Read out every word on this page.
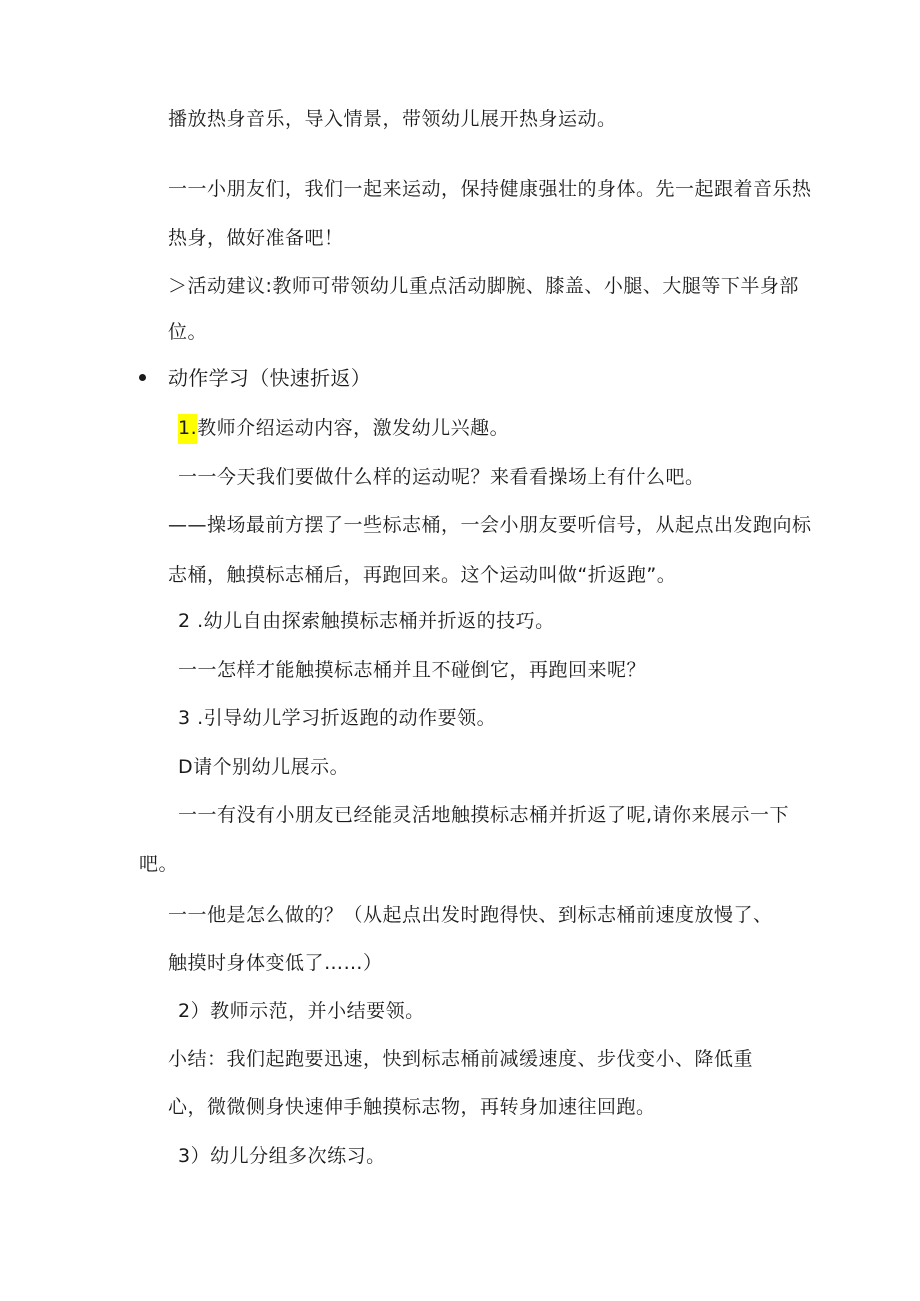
播放热身音乐，导入情景，带领幼儿展开热身运动。
一一小朋友们，我们一起来运动，保持健康强壮的身体。先一起跟着音乐热
热身，做好准备吧！
＞活动建议:教师可带领幼儿重点活动脚腕、膝盖、小腿、大腿等下半身部
位。
动作学习（快速折返）
1.教师介绍运动内容，激发幼儿兴趣。
一一今天我们要做什么样的运动呢？来看看操场上有什么吧。
——操场最前方摆了一些标志桶，一会小朋友要听信号，从起点出发跑向标
志桶，触摸标志桶后，再跑回来。这个运动叫做“折返跑”。
2 .幼儿自由探索触摸标志桶并折返的技巧。
一一怎样才能触摸标志桶并且不碰倒它，再跑回来呢？
3 .引导幼儿学习折返跑的动作要领。
D请个别幼儿展示。
一一有没有小朋友已经能灵活地触摸标志桶并折返了呢,请你来展示一下
吧。
一一他是怎么做的？（从起点出发时跑得快、到标志桶前速度放慢了、
触摸时身体变低了……）
2）教师示范，并小结要领。
小结：我们起跑要迅速，快到标志桶前减缓速度、步伐变小、降低重
心，微微侧身快速伸手触摸标志物，再转身加速往回跑。
3）幼儿分组多次练习。
